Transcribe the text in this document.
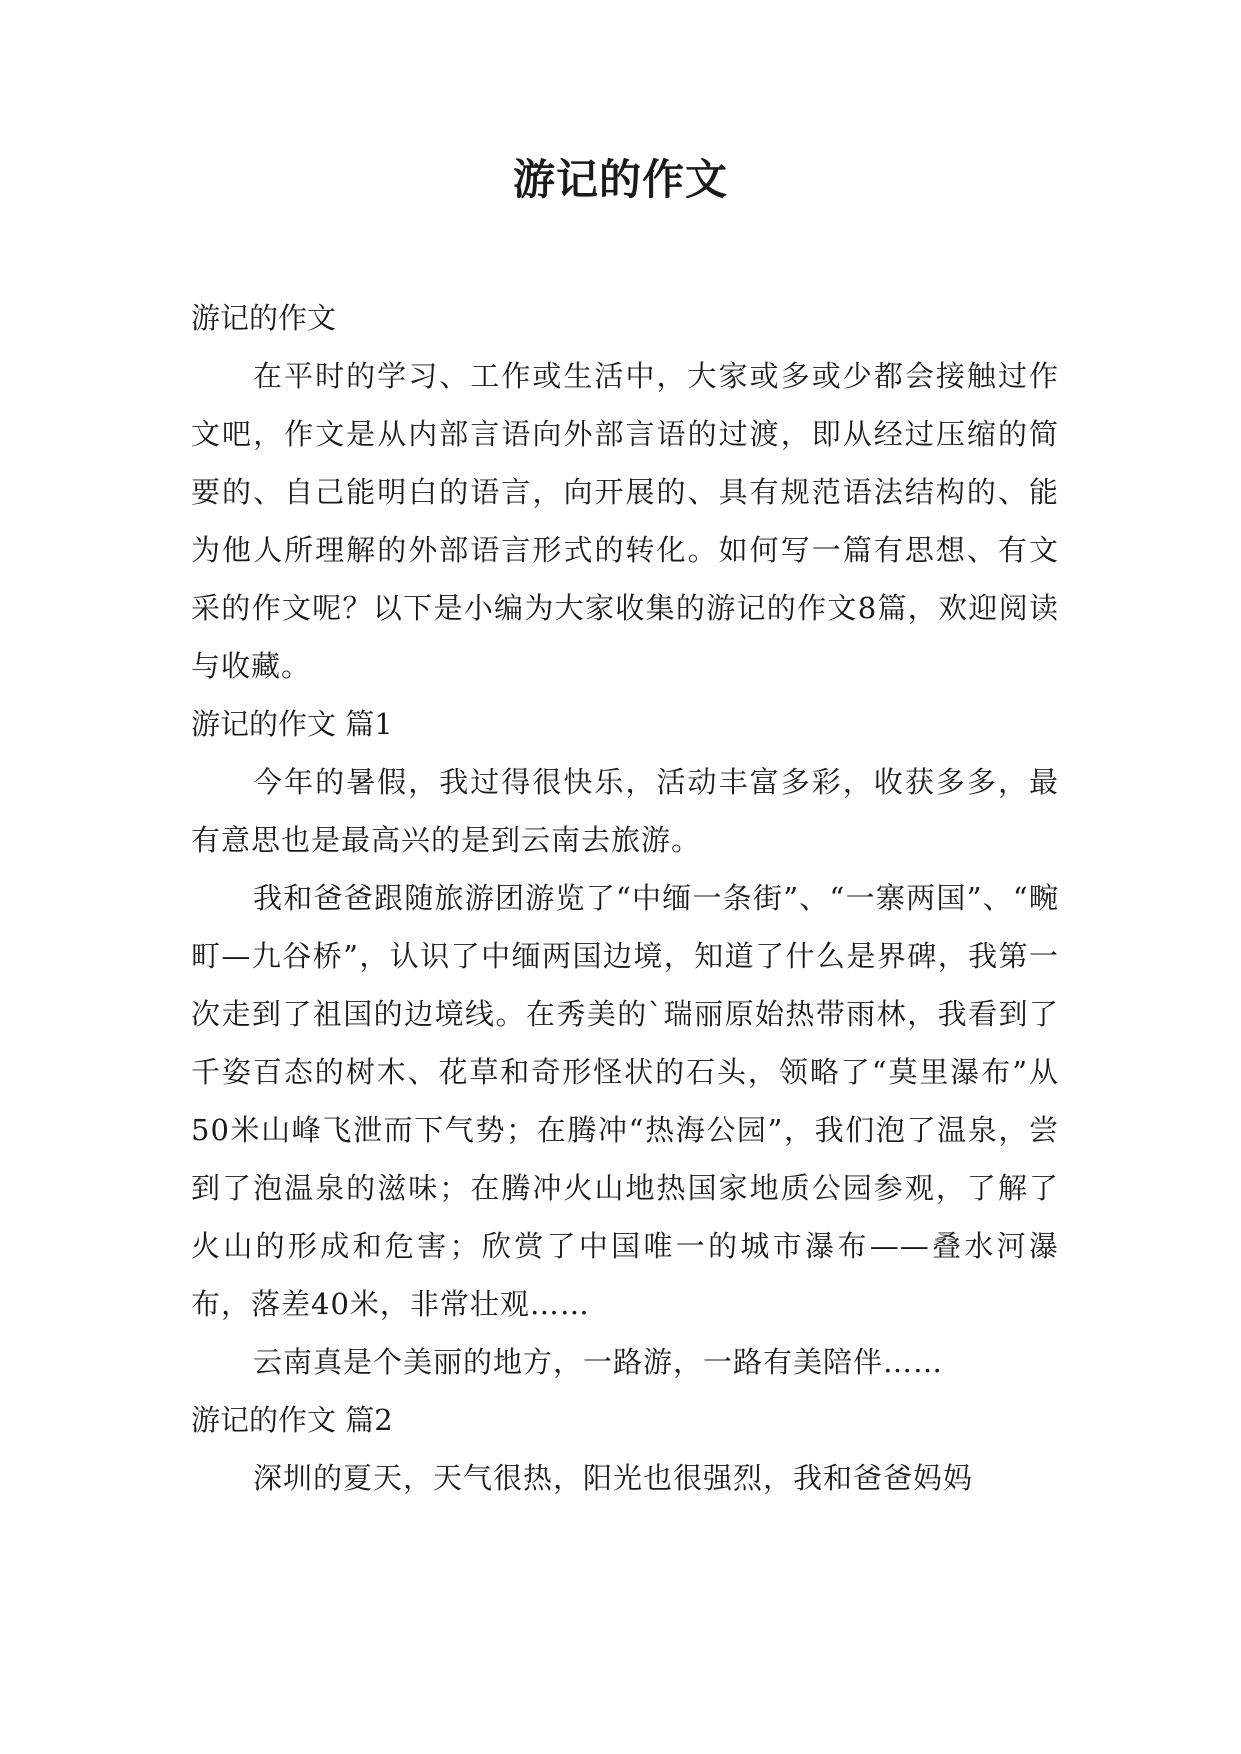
游记的作文

游记的作文

在平时的学习、工作或生活中，大家或多或少都会接触过作文吧，作文是从内部言语向外部言语的过渡，即从经过压缩的简要的、自己能明白的语言，向开展的、具有规范语法结构的、能为他人所理解的外部语言形式的转化。如何写一篇有思想、有文采的作文呢？以下是小编为大家收集的游记的作文8篇，欢迎阅读与收藏。

游记的作文 篇1

今年的暑假，我过得很快乐，活动丰富多彩，收获多多，最有意思也是最高兴的是到云南去旅游。

我和爸爸跟随旅游团游览了“中缅一条街”、“一寨两国”、“畹町—九谷桥”，认识了中缅两国边境，知道了什么是界碑，我第一次走到了祖国的边境线。在秀美的`瑞丽原始热带雨林，我看到了千姿百态的树木、花草和奇形怪状的石头，领略了“莫里瀑布”从50米山峰飞泄而下气势；在腾冲“热海公园”，我们泡了温泉，尝到了泡温泉的滋味；在腾冲火山地热国家地质公园参观，了解了火山的形成和危害；欣赏了中国唯一的城市瀑布——叠水河瀑布，落差40米，非常壮观……

云南真是个美丽的地方，一路游，一路有美陪伴……

游记的作文 篇2

深圳的夏天，天气很热，阳光也很强烈，我和爸爸妈妈
